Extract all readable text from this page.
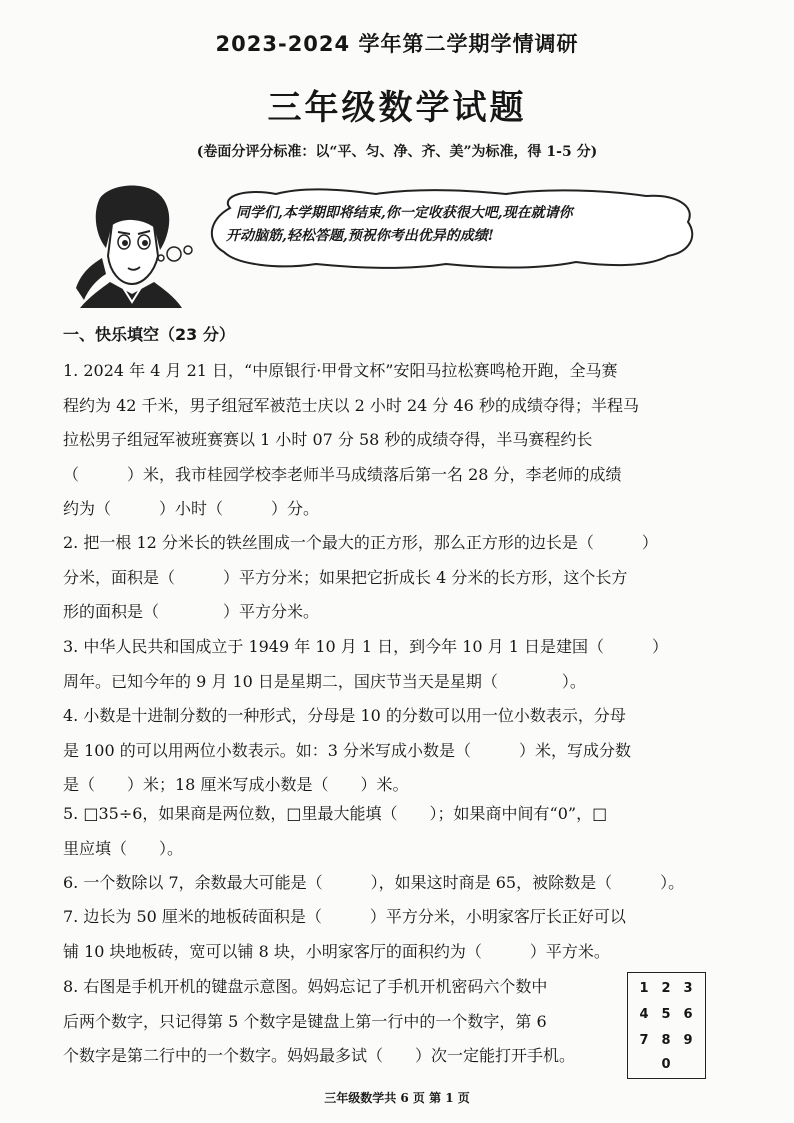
2023-2024 学年第二学期学情调研
三年级数学试题
(卷面分评分标准：以“平、匀、净、齐、美”为标准，得 1-5 分)
同学们,本学期即将结束,你一定收获很大吧,现在就请你
开动脑筋,轻松答题,预祝你考出优异的成绩!
一、快乐填空（23 分）
1. 2024 年 4 月 21 日，“中原银行·甲骨文杯”安阳马拉松赛鸣枪开跑，全马赛
程约为 42 千米，男子组冠军被范士庆以 2 小时 24 分 46 秒的成绩夺得；半程马
拉松男子组冠军被班赛赛以 1 小时 07 分 58 秒的成绩夺得，半马赛程约长
（　　　）米，我市桂园学校李老师半马成绩落后第一名 28 分，李老师的成绩
约为（　　　）小时（　　　）分。
2. 把一根 12 分米长的铁丝围成一个最大的正方形，那么正方形的边长是（　　　）
分米，面积是（　　　）平方分米；如果把它折成长 4 分米的长方形，这个长方
形的面积是（　　　　）平方分米。
3. 中华人民共和国成立于 1949 年 10 月 1 日，到今年 10 月 1 日是建国（　　　）
周年。已知今年的 9 月 10 日是星期二，国庆节当天是星期（　　　　）。
4. 小数是十进制分数的一种形式，分母是 10 的分数可以用一位小数表示，分母
是 100 的可以用两位小数表示。如：3 分米写成小数是（　　　）米，写成分数
是（　　）米；18 厘米写成小数是（　　）米。
5. □35÷6，如果商是两位数，□里最大能填（　　）；如果商中间有“0”，□
里应填（　　）。
6. 一个数除以 7，余数最大可能是（　　　），如果这时商是 65，被除数是（　　　）。
7. 边长为 50 厘米的地板砖面积是（　　　）平方分米，小明家客厅长正好可以
铺 10 块地板砖，宽可以铺 8 块，小明家客厅的面积约为（　　　）平方米。
8. 右图是手机开机的键盘示意图。妈妈忘记了手机开机密码六个数中
后两个数字，只记得第 5 个数字是键盘上第一行中的一个数字，第 6
个数字是第二行中的一个数字。妈妈最多试（　　）次一定能打开手机。
1 2 3
4 5 6
7 8 9
0
三年级数学共 6 页 第 1 页
